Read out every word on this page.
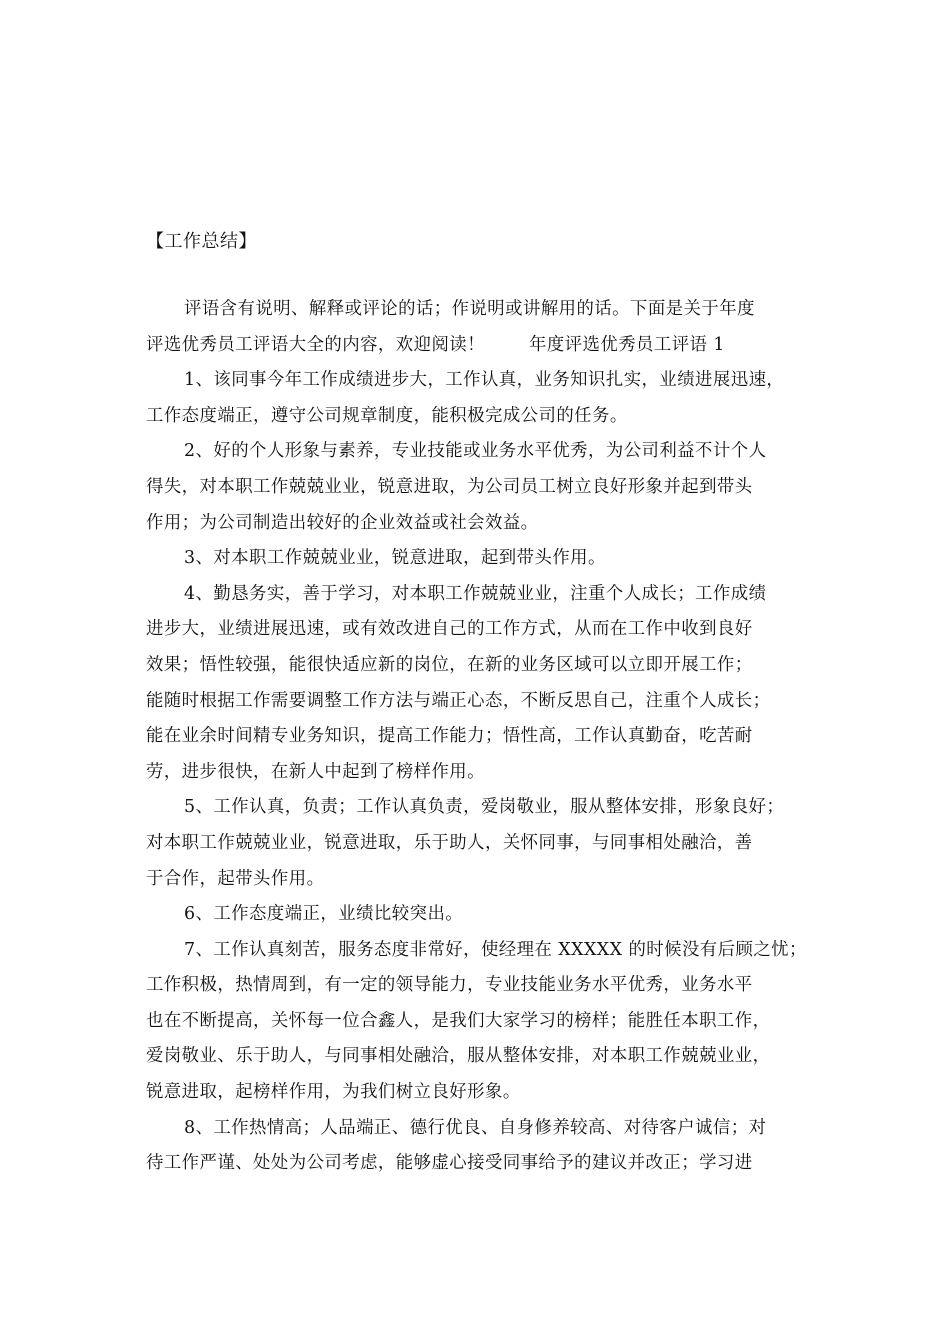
【工作总结】
评语含有说明、解释或评论的话；作说明或讲解用的话。下面是关于年度
评选优秀员工评语大全的内容，欢迎阅读！	年度评选优秀员工评语 1
1、该同事今年工作成绩进步大，工作认真，业务知识扎实，业绩进展迅速，
工作态度端正，遵守公司规章制度，能积极完成公司的任务。
2、好的个人形象与素养，专业技能或业务水平优秀，为公司利益不计个人
得失，对本职工作兢兢业业，锐意进取，为公司员工树立良好形象并起到带头
作用；为公司制造出较好的企业效益或社会效益。
3、对本职工作兢兢业业，锐意进取，起到带头作用。
4、勤恳务实，善于学习，对本职工作兢兢业业，注重个人成长；工作成绩
进步大，业绩进展迅速，或有效改进自己的工作方式，从而在工作中收到良好
效果；悟性较强，能很快适应新的岗位，在新的业务区域可以立即开展工作；
能随时根据工作需要调整工作方法与端正心态，不断反思自己，注重个人成长；
能在业余时间精专业务知识，提高工作能力；悟性高，工作认真勤奋，吃苦耐
劳，进步很快，在新人中起到了榜样作用。
5、工作认真，负责；工作认真负责，爱岗敬业，服从整体安排，形象良好；
对本职工作兢兢业业，锐意进取，乐于助人，关怀同事，与同事相处融洽，善
于合作，起带头作用。
6、工作态度端正，业绩比较突出。
7、工作认真刻苦，服务态度非常好，使经理在 XXXXX 的时候没有后顾之忧；
工作积极，热情周到，有一定的领导能力，专业技能业务水平优秀，业务水平
也在不断提高，关怀每一位合鑫人，是我们大家学习的榜样；能胜任本职工作，
爱岗敬业、乐于助人，与同事相处融洽，服从整体安排，对本职工作兢兢业业，
锐意进取，起榜样作用，为我们树立良好形象。
8、工作热情高；人品端正、德行优良、自身修养较高、对待客户诚信；对
待工作严谨、处处为公司考虑，能够虚心接受同事给予的建议并改正；学习进
